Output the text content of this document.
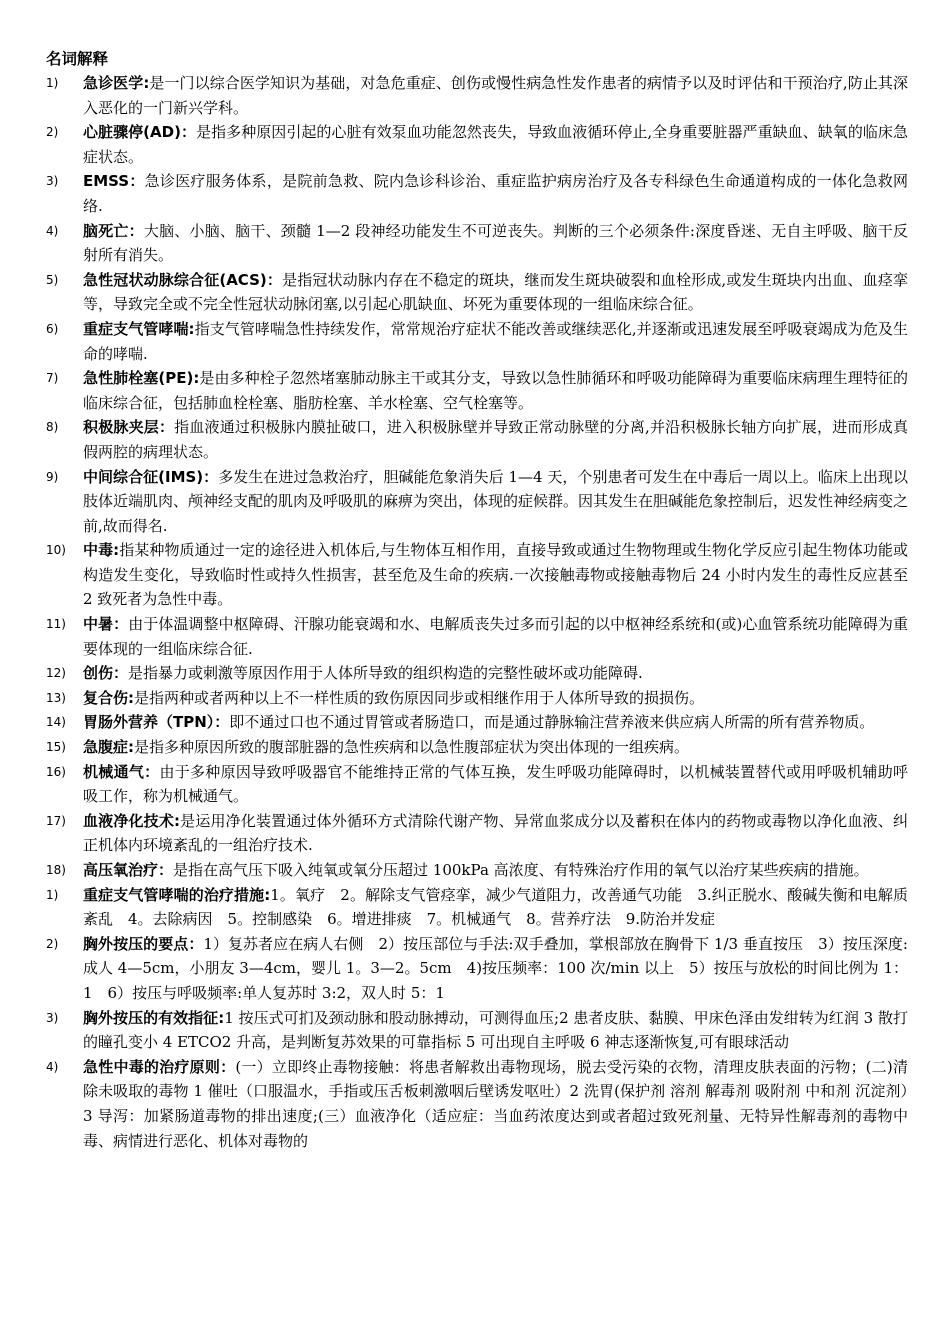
名词解释
1) 急诊医学:是一门以综合医学知识为基础，对急危重症、创伤或慢性病急性发作患者的病情予以及时评估和干预治疗,防止其深入恶化的一门新兴学科。
2) 心脏骤停(AD)：是指多种原因引起的心脏有效泵血功能忽然丧失，导致血液循环停止,全身重要脏器严重缺血、缺氧的临床急症状态。
3) EMSS：急诊医疗服务体系，是院前急救、院内急诊科诊治、重症监护病房治疗及各专科绿色生命通道构成的一体化急救网络.
4) 脑死亡：大脑、小脑、脑干、颈髓 1—2 段神经功能发生不可逆丧失。判断的三个必须条件:深度昏迷、无自主呼吸、脑干反射所有消失。
5) 急性冠状动脉综合征(ACS)：是指冠状动脉内存在不稳定的斑块，继而发生斑块破裂和血栓形成,或发生斑块内出血、血痉挛等，导致完全或不完全性冠状动脉闭塞,以引起心肌缺血、坏死为重要体现的一组临床综合征。
6) 重症支气管哮喘:指支气管哮喘急性持续发作，常常规治疗症状不能改善或继续恶化,并逐渐或迅速发展至呼吸衰竭成为危及生命的哮喘.
7) 急性肺栓塞(PE):是由多种栓子忽然堵塞肺动脉主干或其分支，导致以急性肺循环和呼吸功能障碍为重要临床病理生理特征的临床综合征，包括肺血栓栓塞、脂肪栓塞、羊水栓塞、空气栓塞等。
8) 积极脉夹层：指血液通过积极脉内膜扯破口，进入积极脉壁并导致正常动脉壁的分离,并沿积极脉长轴方向扩展，进而形成真假两腔的病理状态。
9) 中间综合征(IMS)：多发生在进过急救治疗，胆碱能危象消失后 1—4 天，个别患者可发生在中毒后一周以上。临床上出现以肢体近端肌肉、颅神经支配的肌肉及呼吸肌的麻痹为突出，体现的症候群。因其发生在胆碱能危象控制后，迟发性神经病变之前,故而得名.
10) 中毒:指某种物质通过一定的途径进入机体后,与生物体互相作用，直接导致或通过生物物理或生物化学反应引起生物体功能或构造发生变化，导致临时性或持久性损害，甚至危及生命的疾病.一次接触毒物或接触毒物后 24 小时内发生的毒性反应甚至 2 致死者为急性中毒。
11) 中暑：由于体温调整中枢障碍、汗腺功能衰竭和水、电解质丧失过多而引起的以中枢神经系统和(或)心血管系统功能障碍为重要体现的一组临床综合征.
12) 创伤：是指暴力或刺激等原因作用于人体所导致的组织构造的完整性破坏或功能障碍.
13) 复合伤:是指两种或者两种以上不一样性质的致伤原因同步或相继作用于人体所导致的损损伤。
14) 胃肠外营养（TPN）：即不通过口也不通过胃管或者肠造口，而是通过静脉输注营养液来供应病人所需的所有营养物质。
15) 急腹症:是指多种原因所致的腹部脏器的急性疾病和以急性腹部症状为突出体现的一组疾病。
16) 机械通气：由于多种原因导致呼吸器官不能维持正常的气体互换，发生呼吸功能障碍时，以机械装置替代或用呼吸机辅助呼吸工作，称为机械通气。
17) 血液净化技术:是运用净化装置通过体外循环方式清除代谢产物、异常血浆成分以及蓄积在体内的药物或毒物以净化血液、纠正机体内环境紊乱的一组治疗技术.
18) 高压氧治疗：是指在高气压下吸入纯氧或氧分压超过 100kPa 高浓度、有特殊治疗作用的氧气以治疗某些疾病的措施。
1) 重症支气管哮喘的治疗措施:1。氧疗　2。解除支气管痉挛，减少气道阻力，改善通气功能　3.纠正脱水、酸碱失衡和电解质紊乱　4。去除病因　5。控制感染　6。增进排痰　7。机械通气　8。营养疗法　9.防治并发症
2) 胸外按压的要点：1）复苏者应在病人右侧　2）按压部位与手法:双手叠加，掌根部放在胸骨下 1/3 垂直按压　3）按压深度:成人 4—5cm，小朋友 3—4cm，婴儿 1。3—2。5cm　4)按压频率：100 次/min 以上　5）按压与放松的时间比例为 1：1　6）按压与呼吸频率:单人复苏时 3:2，双人时 5：1
3) 胸外按压的有效指征:1 按压式可扪及颈动脉和股动脉搏动，可测得血压;2 患者皮肤、黏膜、甲床色泽由发绀转为红润 3 散打的瞳孔变小 4 ETCO2 升高，是判断复苏效果的可靠指标 5 可出现自主呼吸 6 神志逐渐恢复,可有眼球活动
4) 急性中毒的治疗原则：(一）立即终止毒物接触：将患者解救出毒物现场，脱去受污染的衣物，清理皮肤表面的污物；(二)清除未吸取的毒物 1 催吐（口服温水，手指或压舌板刺激咽后壁诱发呕吐）2 洗胃(保护剂 溶剂 解毒剂 吸附剂 中和剂 沉淀剂）3 导泻：加紧肠道毒物的排出速度;(三）血液净化（适应症：当血药浓度达到或者超过致死剂量、无特异性解毒剂的毒物中毒、病情进行恶化、机体对毒物的
